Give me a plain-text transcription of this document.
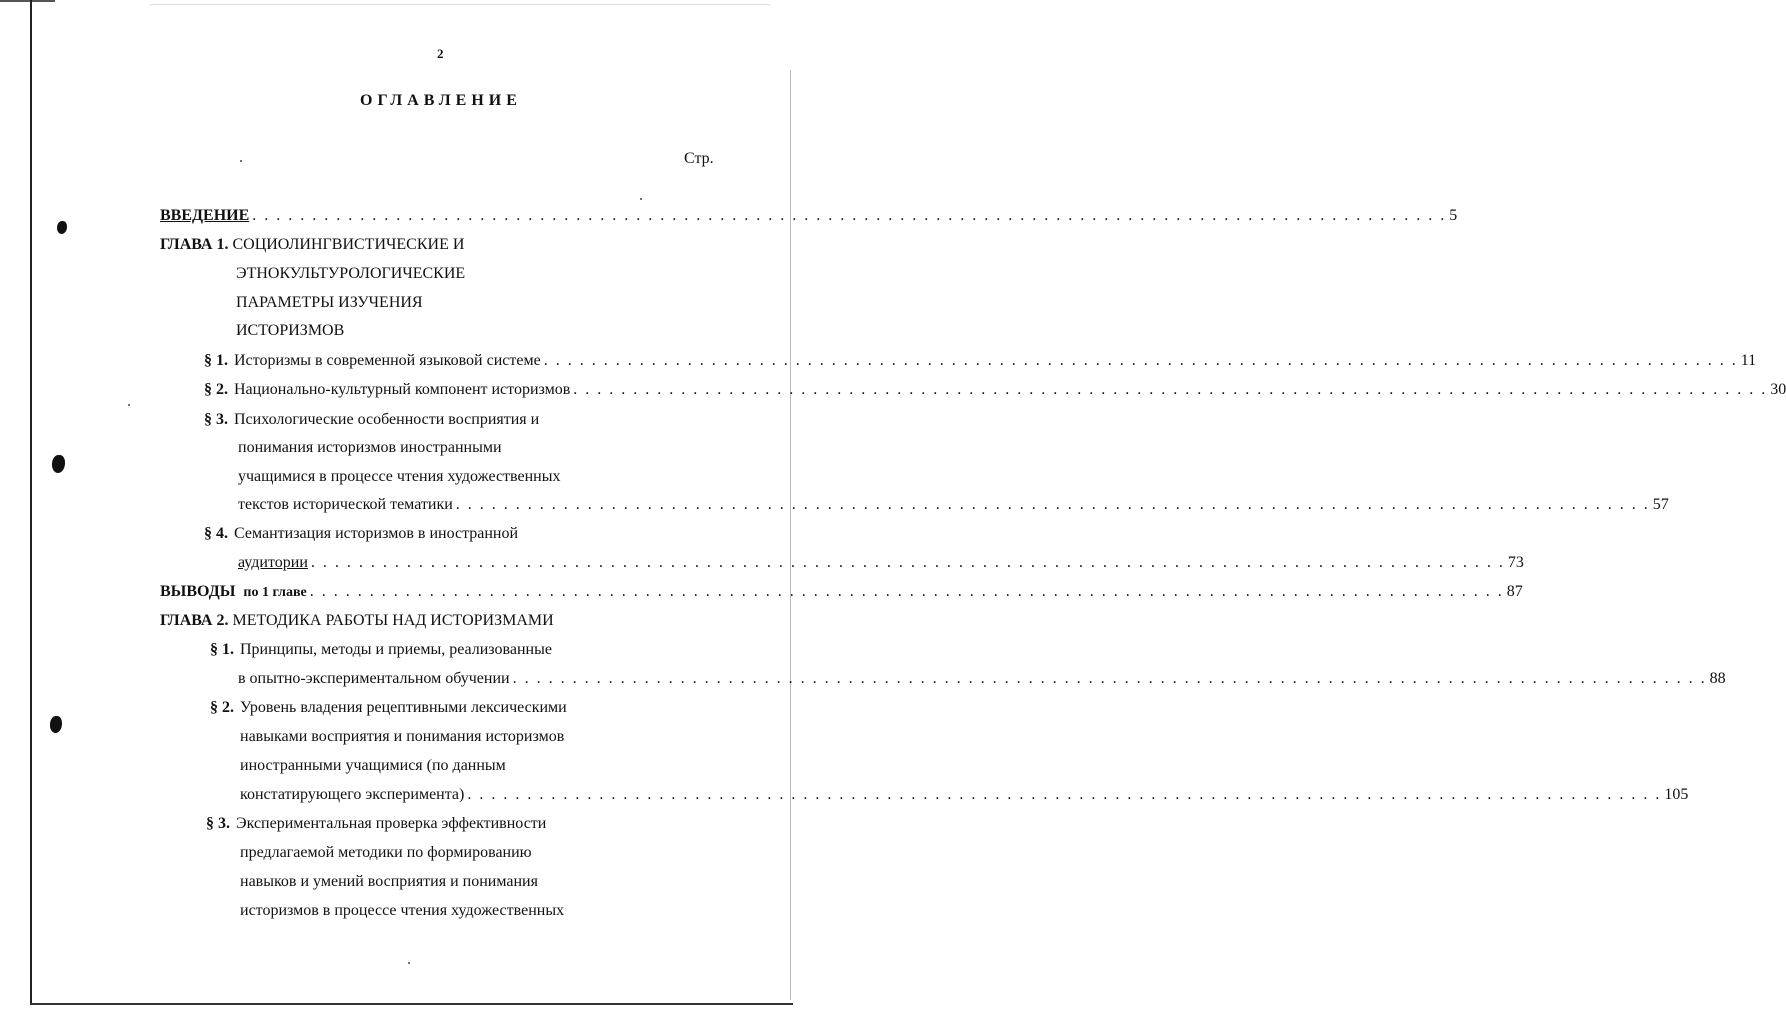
2
ОГЛАВЛЕНИЕ
Стр.
ВВЕДЕНИЕ . . . . . . . . . . . . . . . . . . . . . . . . . . . . . . . . . . . . . . . . . . . . . . . . . . . . . . . . . . . . . . . . . . . . . . . . . . . . . . . . . . . . . . . . . . . . . . . . . . . . 5
ГЛАВА 1. СОЦИОЛИНГВИСТИЧЕСКИЕ И
ЭТНОКУЛЬТУРОЛОГИЧЕСКИЕ
ПАРАМЕТРЫ ИЗУЧЕНИЯ
ИСТОРИЗМОВ
§ 1. Историзмы в современной языковой системе . . . . . . . . . . . . . . . . . . . . . . . . . . . . . . . . . . . . . . . . . . . . . . . . . . . . . . . . . . . . . . . . . . . . . . . . . . . . . . . . . . . . . . . . . . . . . . . . . . . . 11
§ 2. Национально-культурный компонент историзмов . . . . . . . . . . . . . . . . . . . . . . . . . . . . . . . . . . . . . . . . . . . . . . . . . . . . . . . . . . . . . . . . . . . . . . . . . . . . . . . . . . . . . . . . . . . . . . . . . . . . 30
§ 3. Психологические особенности восприятия и
понимания историзмов иностранными
учащимися в процессе чтения художественных
текстов исторической тематики . . . . . . . . . . . . . . . . . . . . . . . . . . . . . . . . . . . . . . . . . . . . . . . . . . . . . . . . . . . . . . . . . . . . . . . . . . . . . . . . . . . . . . . . . . . . . . . . . . . . 57
§ 4. Семантизация историзмов в иностранной
аудитории . . . . . . . . . . . . . . . . . . . . . . . . . . . . . . . . . . . . . . . . . . . . . . . . . . . . . . . . . . . . . . . . . . . . . . . . . . . . . . . . . . . . . . . . . . . . . . . . . . . . 73
ВЫВОДЫ по 1 главе . . . . . . . . . . . . . . . . . . . . . . . . . . . . . . . . . . . . . . . . . . . . . . . . . . . . . . . . . . . . . . . . . . . . . . . . . . . . . . . . . . . . . . . . . . . . . . . . . . . . 87
ГЛАВА 2. МЕТОДИКА РАБОТЫ НАД ИСТОРИЗМАМИ
§ 1. Принципы, методы и приемы, реализованные
в опытно-экспериментальном обучении . . . . . . . . . . . . . . . . . . . . . . . . . . . . . . . . . . . . . . . . . . . . . . . . . . . . . . . . . . . . . . . . . . . . . . . . . . . . . . . . . . . . . . . . . . . . . . . . . . . . 88
§ 2. Уровень владения рецептивными лексическими
навыками восприятия и понимания историзмов
иностранными учащимися (по данным
констатирующего эксперимента) . . . . . . . . . . . . . . . . . . . . . . . . . . . . . . . . . . . . . . . . . . . . . . . . . . . . . . . . . . . . . . . . . . . . . . . . . . . . . . . . . . . . . . . . . . . . . . . . . . . . 105
§ 3. Экспериментальная проверка эффективности
предлагаемой методики по формированию
навыков и умений восприятия и понимания
историзмов в процессе чтения художественных
